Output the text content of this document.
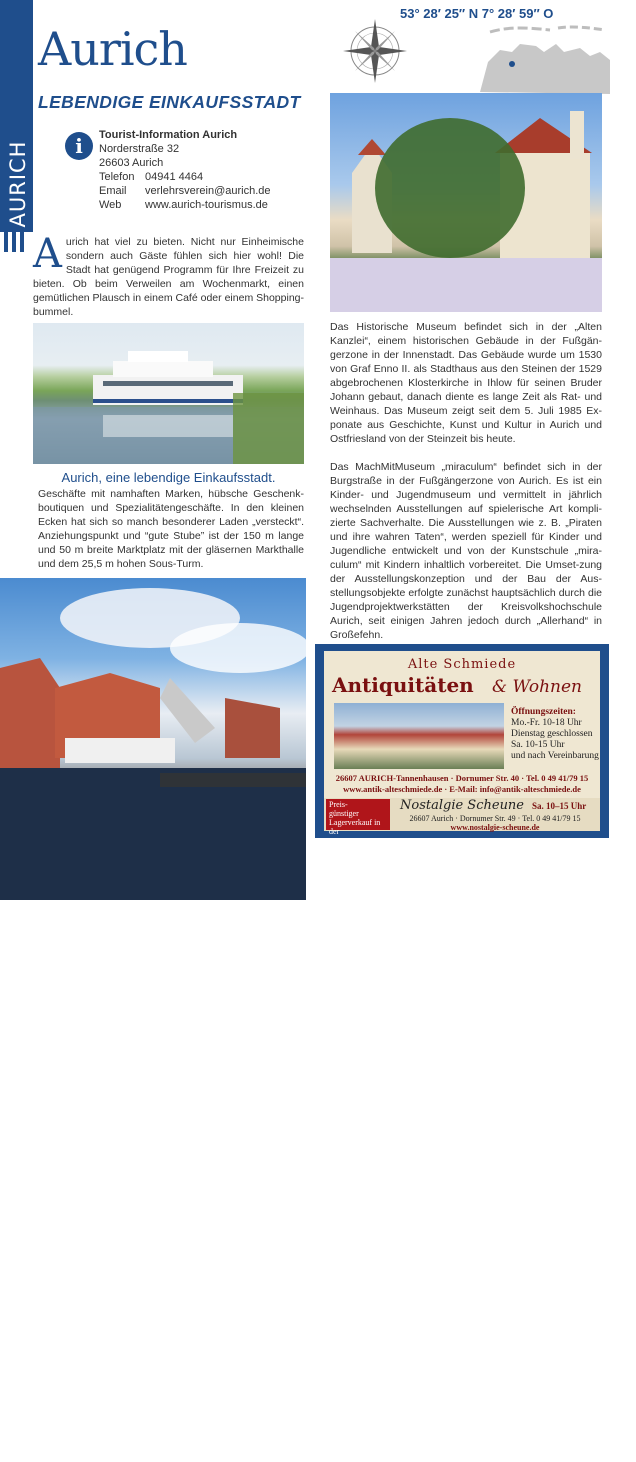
AURICH
Aurich
LEBENDIGE EINKAUFSSTADT
53° 28′ 25″ N 7° 28′ 59″ O
i	Tourist-Information Aurich
Norderstraße 32
26603 Aurich
Telefon 04941 4464
Email verlehrsverein@aurich.de
Web www.aurich-tourismus.de
Aurich hat viel zu bieten. Nicht nur Einheimische sondern auch Gäste fühlen sich hier wohl! Die Stadt hat genügend Programm für Ihre Freizeit zu bieten. Ob beim Verweilen am Wochenmarkt, einen gemütlichen Plausch in einem Café oder einem Shopping-bummel.
Aurich, eine lebendige Einkaufsstadt.
Geschäfte mit namhaften Marken, hübsche Geschenk-boutiquen und Spezialitätengeschäfte. In den kleinen Ecken hat sich so manch besonderer Laden „versteckt“. Anziehungspunkt und “gute Stube” ist der 150 m lange und 50 m breite Marktplatz mit der gläsernen Markthalle und dem 25,5 m hohen Sous-Turm.
32 | Moinsen! | Ihre Gastgeber an der Nordseeküste

Das Historische Museum befindet sich in der „Alten Kanzlei“, einem historischen Gebäude in der Fußgän-gerzone in der Innenstadt. Das Gebäude wurde um 1530 von Graf Enno II. als Stadthaus aus den Steinen der 1529 abgebrochenen Klosterkirche in Ihlow für seinen Bruder Johann gebaut, danach diente es lange Zeit als Rat- und Weinhaus. Das Museum zeigt seit dem 5. Juli 1985 Ex-ponate aus Geschichte, Kunst und Kultur in Aurich und Ostfriesland von der Steinzeit bis heute.

Das MachMitMuseum „miraculum“ befindet sich in der Burgstraße in der Fußgängerzone von Aurich. Es ist ein Kinder- und Jugendmuseum und vermittelt in jährlich wechselnden Ausstellungen auf spielerische Art kompli-zierte Sachverhalte. Die Ausstellungen wie z. B. „Piraten und ihre wahren Taten“, werden speziell für Kinder und Jugendliche entwickelt und von der Kunstschule „mira-culum“ mit Kindern inhaltlich vorbereitet. Die Umset-zung der Ausstellungskonzeption und der Bau der Aus-stellungsobjekte erfolgte zunächst hauptsächlich durch die Jugendprojektwerkstätten der Kreisvolkshochschule Aurich, seit einigen Jahren jedoch durch „Allerhand“ in Großefehn.

Alte Schmiede
Antiquitäten & Wohnen
Öffnungszeiten:
Mo.-Fr. 10-18 Uhr
Dienstag geschlossen
Sa. 10-15 Uhr
und nach Vereinbarung
26607 AURICH-Tannenhausen · Dornumer Str. 40 · Tel. 0 49 41/79 15
www.antik-alteschmiede.de · E-Mail: info@antik-alteschmiede.de
Preis-
günstiger
Lagerverkauf in der
Nostalgie Scheune Sa. 10–15 Uhr
26607 Aurich · Dornumer Str. 49 · Tel. 0 49 41/79 15
www.nostalgie-scheune.de
